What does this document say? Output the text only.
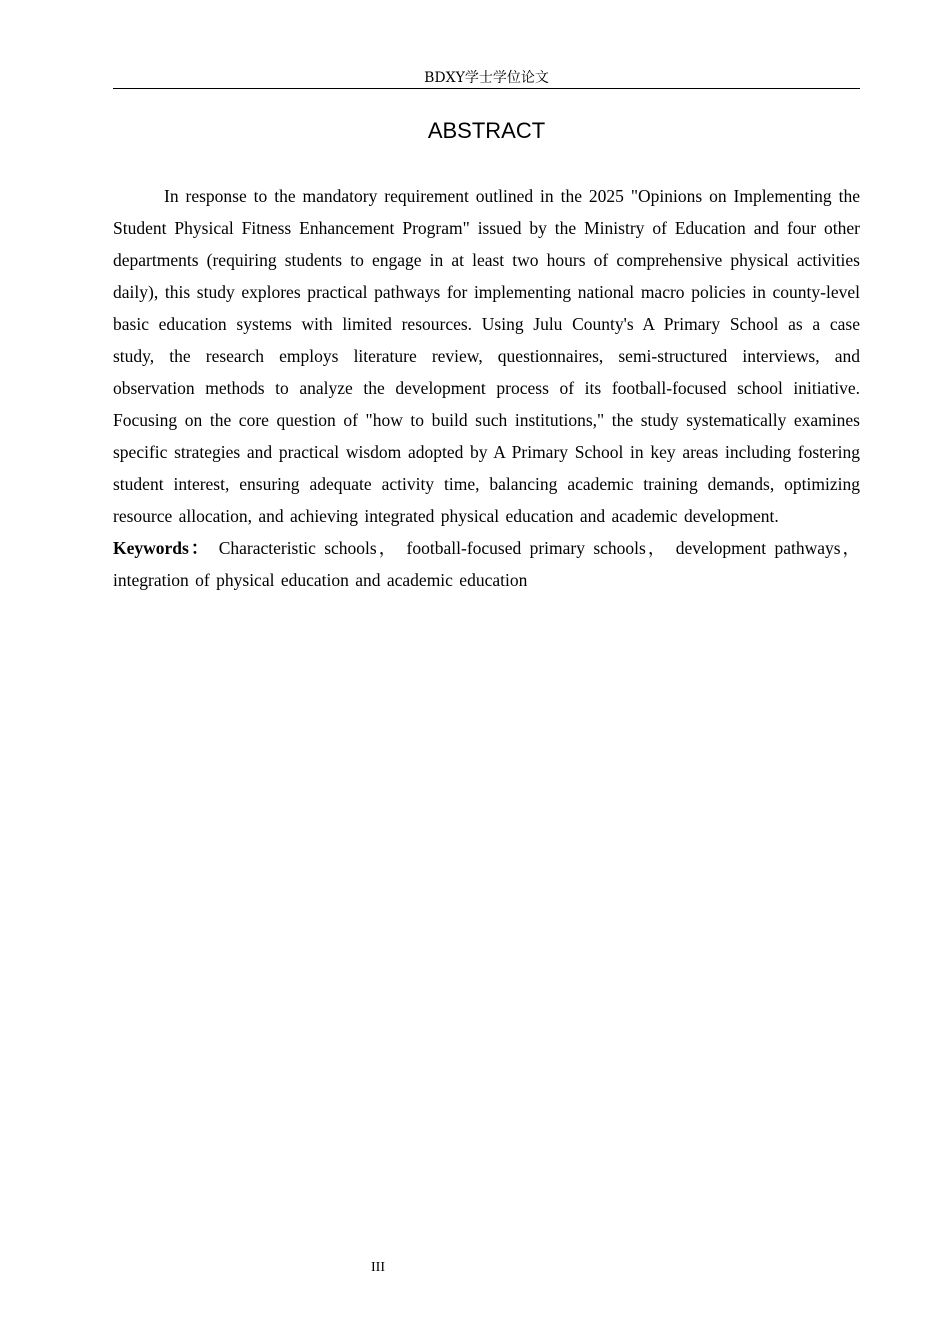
BDXY学士学位论文
ABSTRACT

In response to the mandatory requirement outlined in the 2025 "Opinions on Implementing the Student Physical Fitness Enhancement Program" issued by the Ministry of Education and four other departments (requiring students to engage in at least two hours of comprehensive physical activities daily), this study explores practical pathways for implementing national macro policies in county-level basic education systems with limited resources. Using Julu County's A Primary School as a case study, the research employs literature review, questionnaires, semi-structured interviews, and observation methods to analyze the development process of its football-focused school initiative. Focusing on the core question of "how to build such institutions," the study systematically examines specific strategies and practical wisdom adopted by A Primary School in key areas including fostering student interest, ensuring adequate activity time, balancing academic training demands, optimizing resource allocation, and achieving integrated physical education and academic development.

Keywords： Characteristic schools， football-focused primary schools， development pathways，integration of physical education and academic education

III
